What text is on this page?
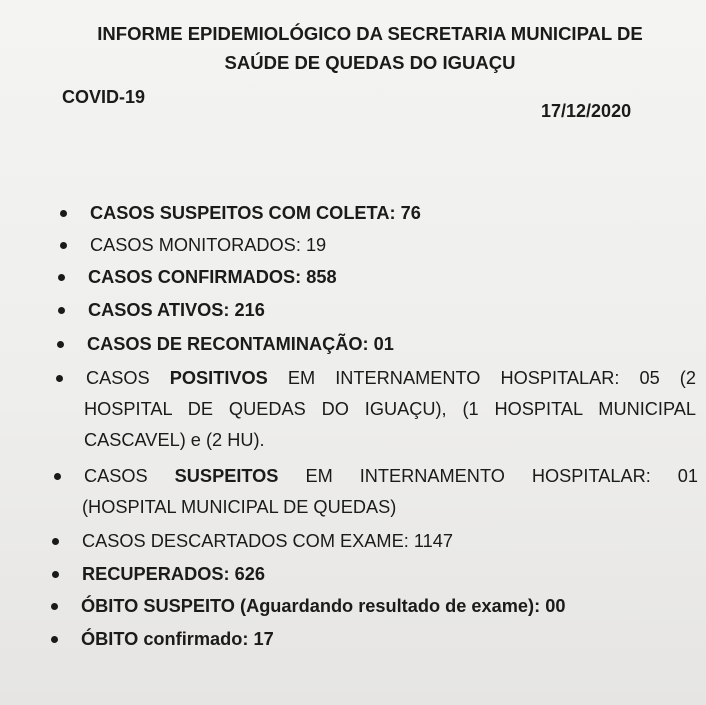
INFORME EPIDEMIOLÓGICO DA SECRETARIA MUNICIPAL DE
SAÚDE DE QUEDAS DO IGUAÇU
COVID-19
17/12/2020
CASOS SUSPEITOS COM COLETA: 76
CASOS MONITORADOS: 19
CASOS CONFIRMADOS: 858
CASOS ATIVOS: 216
CASOS DE RECONTAMINAÇÃO: 01
CASOS POSITIVOS EM INTERNAMENTO HOSPITALAR: 05 (2
HOSPITAL DE QUEDAS DO IGUAÇU), (1 HOSPITAL MUNICIPAL
CASCAVEL) e (2 HU).
CASOS SUSPEITOS EM INTERNAMENTO HOSPITALAR: 01
(HOSPITAL MUNICIPAL DE QUEDAS)
CASOS DESCARTADOS COM EXAME: 1147
RECUPERADOS: 626
ÓBITO SUSPEITO (Aguardando resultado de exame): 00
ÓBITO confirmado: 17
